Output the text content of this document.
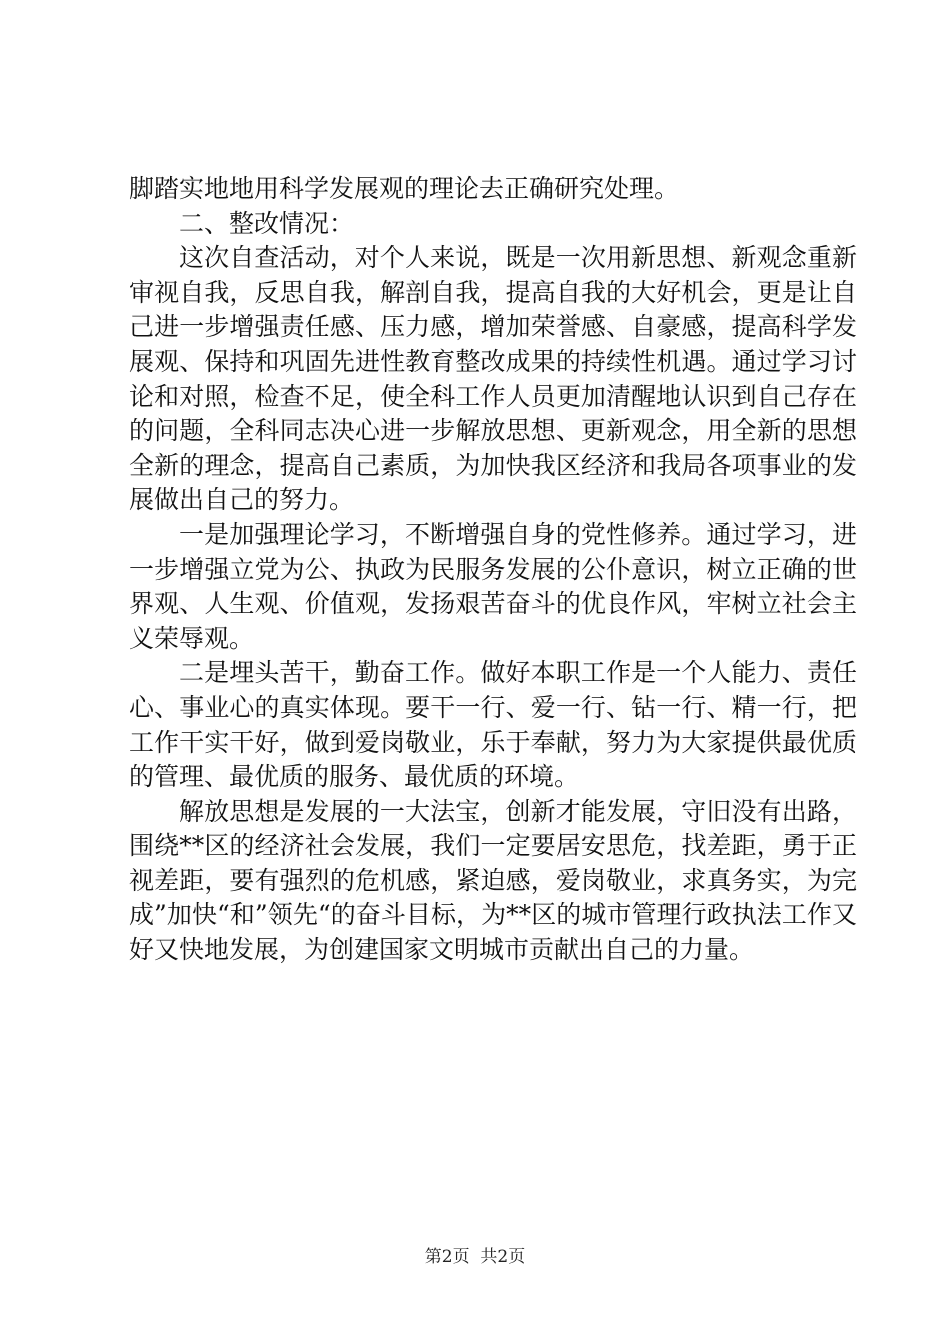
脚踏实地地用科学发展观的理论去正确研究处理。

二、整改情况：

这次自查活动，对个人来说，既是一次用新思想、新观念重新审视自我，反思自我，解剖自我，提高自我的大好机会，更是让自己进一步增强责任感、压力感，增加荣誉感、自豪感，提高科学发展观、保持和巩固先进性教育整改成果的持续性机遇。通过学习讨论和对照，检查不足，使全科工作人员更加清醒地认识到自己存在的问题，全科同志决心进一步解放思想、更新观念，用全新的思想全新的理念，提高自己素质，为加快我区经济和我局各项事业的发展做出自己的努力。

一是加强理论学习，不断增强自身的党性修养。通过学习，进一步增强立党为公、执政为民服务发展的公仆意识，树立正确的世界观、人生观、价值观，发扬艰苦奋斗的优良作风，牢树立社会主义荣辱观。

二是埋头苦干，勤奋工作。做好本职工作是一个人能力、责任心、事业心的真实体现。要干一行、爱一行、钻一行、精一行，把工作干实干好，做到爱岗敬业，乐于奉献，努力为大家提供最优质的管理、最优质的服务、最优质的环境。

解放思想是发展的一大法宝，创新才能发展，守旧没有出路，围绕**区的经济社会发展，我们一定要居安思危，找差距，勇于正视差距，要有强烈的危机感，紧迫感，爱岗敬业，求真务实，为完成”加快“和”领先“的奋斗目标，为**区的城市管理行政执法工作又好又快地发展，为创建国家文明城市贡献出自己的力量。

第2页  共2页
